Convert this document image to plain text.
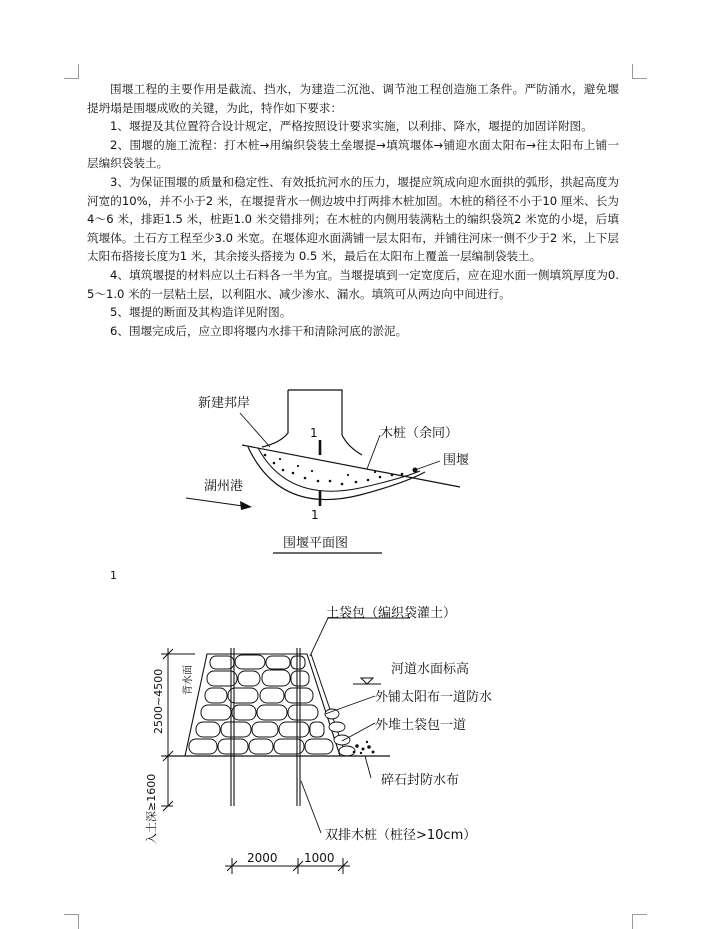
围堰工程的主要作用是截流、挡水，为建造二沉池、调节池工程创造施工条件。严防涌水，避免堰提坍塌是围堰成败的关键，为此，特作如下要求：

1、堰提及其位置符合设计规定，严格按照设计要求实施，以利排、降水，堰提的加固详附图。

2、围堰的施工流程：打木桩→用编织袋装土垒堰提→填筑堰体→铺迎水面太阳布→往太阳布上铺一层编织袋装土。

3、为保证围堰的质量和稳定性、有效抵抗河水的压力，堰提应筑成向迎水面拱的弧形，拱起高度为河宽的10%，并不小于2 米，在堰提背水一侧边坡中打两排木桩加固。木桩的稍径不小于10 厘米、长为4～6 米，排距1.5 米，桩距1.0 米交错排列；在木桩的内侧用装满粘土的编织袋筑2 米宽的小堤，后填筑堰体。土石方工程至少3.0 米宽。在堰体迎水面满铺一层太阳布，并铺往河床一侧不少于2 米，上下层太阳布搭接长度为1 米，其余接头搭接为 0.5 米，最后在太阳布上覆盖一层编制袋装土。

4、填筑堰提的材料应以土石料各一半为宜。当堰提填到一定宽度后，应在迎水面一侧填筑厚度为0.5～1.0 米的一层粘土层，以利阻水、减少渗水、漏水。填筑可从两边向中间进行。

5、堰提的断面及其构造详见附图。

6、围堰完成后，应立即将堰内水排干和清除河底的淤泥。

1
1
新建邦岸
木桩（余同）
围堰
湖州港
围堰平面图
1
2500~4500
入土深≥1600
背水面
2000 1000
土袋包（编织袋灌土）
河道水面标高
外铺太阳布一道防水
外堆土袋包一道
碎石封防水布
双排木桩（桩径>10cm）
